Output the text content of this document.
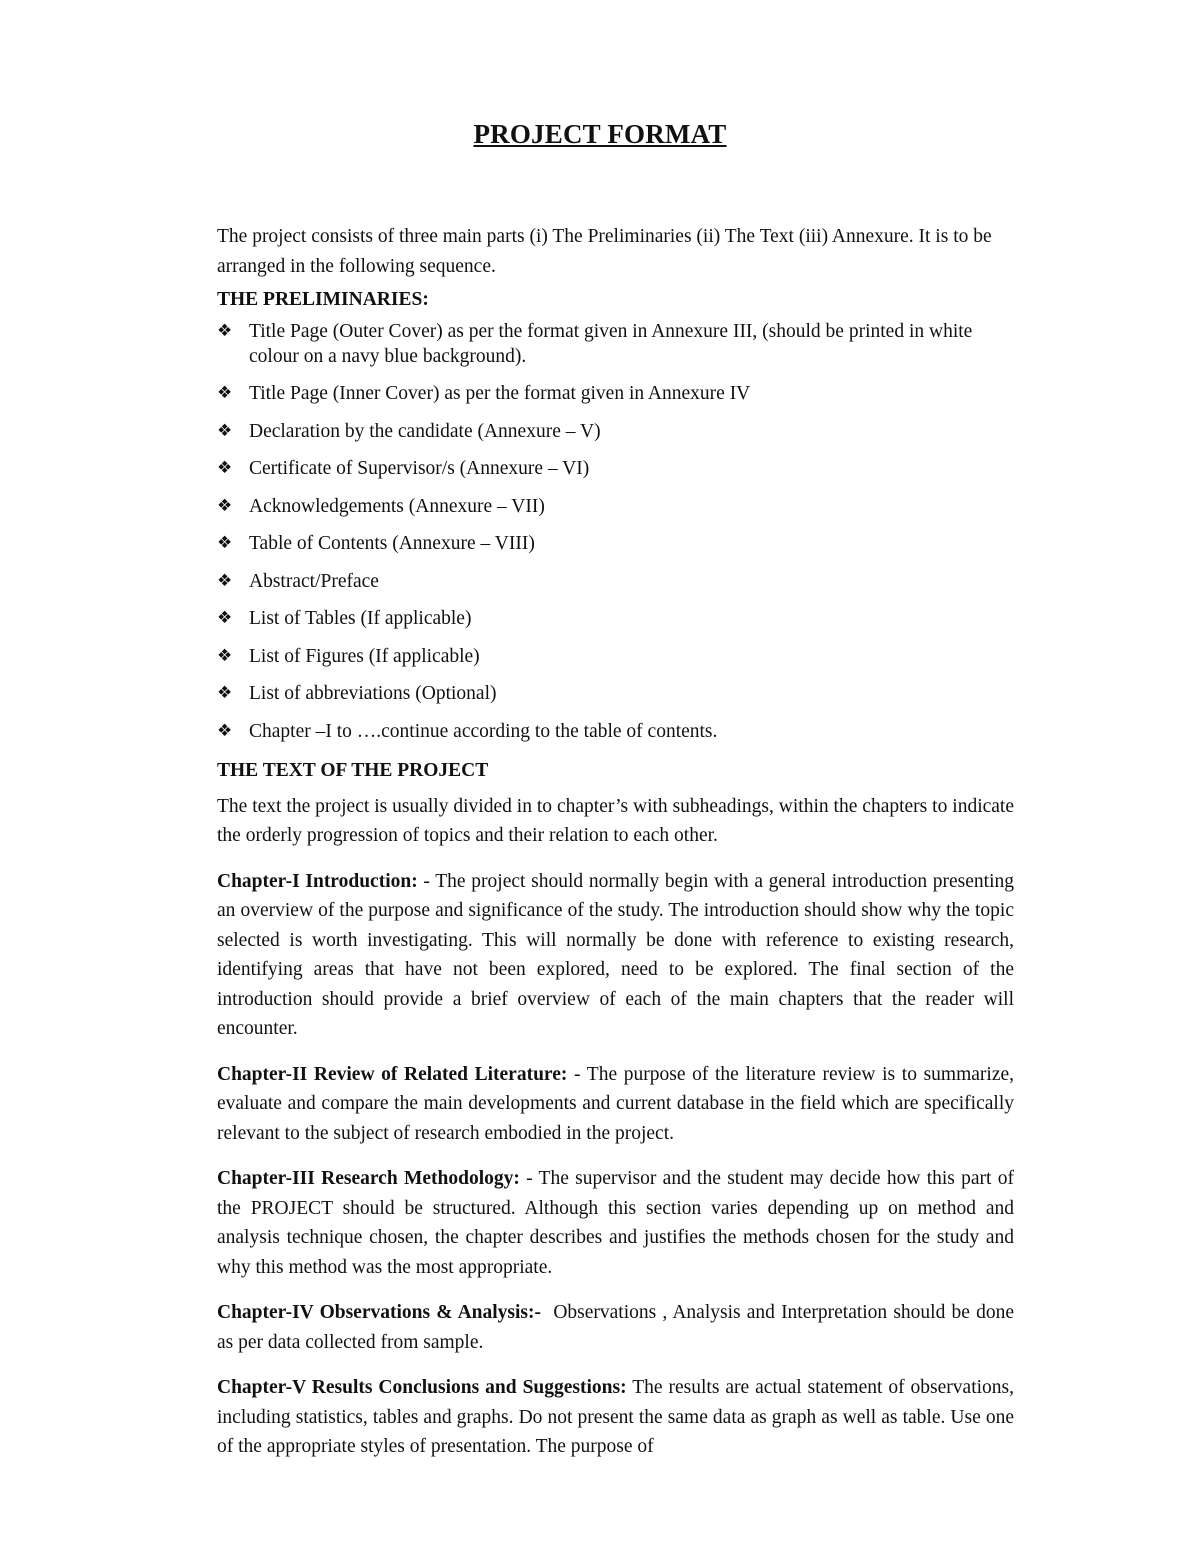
PROJECT FORMAT

The project consists of three main parts (i) The Preliminaries (ii) The Text (iii) Annexure. It is to be arranged in the following sequence.

THE PRELIMINARIES:

❖ Title Page (Outer Cover) as per the format given in Annexure III, (should be printed in white colour on a navy blue background).
❖ Title Page (Inner Cover) as per the format given in Annexure IV
❖ Declaration by the candidate (Annexure – V)
❖ Certificate of Supervisor/s (Annexure – VI)
❖ Acknowledgements (Annexure – VII)
❖ Table of Contents (Annexure – VIII)
❖ Abstract/Preface
❖ List of Tables (If applicable)
❖ List of Figures (If applicable)
❖ List of abbreviations (Optional)
❖ Chapter –I to ….continue according to the table of contents.

THE TEXT OF THE PROJECT

The text the project is usually divided in to chapter’s with subheadings, within the chapters to indicate the orderly progression of topics and their relation to each other.

Chapter-I Introduction: - The project should normally begin with a general introduction presenting an overview of the purpose and significance of the study. The introduction should show why the topic selected is worth investigating. This will normally be done with reference to existing research, identifying areas that have not been explored, need to be explored. The final section of the introduction should provide a brief overview of each of the main chapters that the reader will encounter.

Chapter-II Review of Related Literature: - The purpose of the literature review is to summarize, evaluate and compare the main developments and current database in the field which are specifically relevant to the subject of research embodied in the project.

Chapter-III Research Methodology: - The supervisor and the student may decide how this part of the PROJECT should be structured. Although this section varies depending up on method and analysis technique chosen, the chapter describes and justifies the methods chosen for the study and why this method was the most appropriate.

Chapter-IV Observations & Analysis:-  Observations , Analysis and Interpretation should be done as per data collected from sample.

Chapter-V Results Conclusions and Suggestions: The results are actual statement of observations, including statistics, tables and graphs. Do not present the same data as graph as well as table. Use one of the appropriate styles of presentation. The purpose of
